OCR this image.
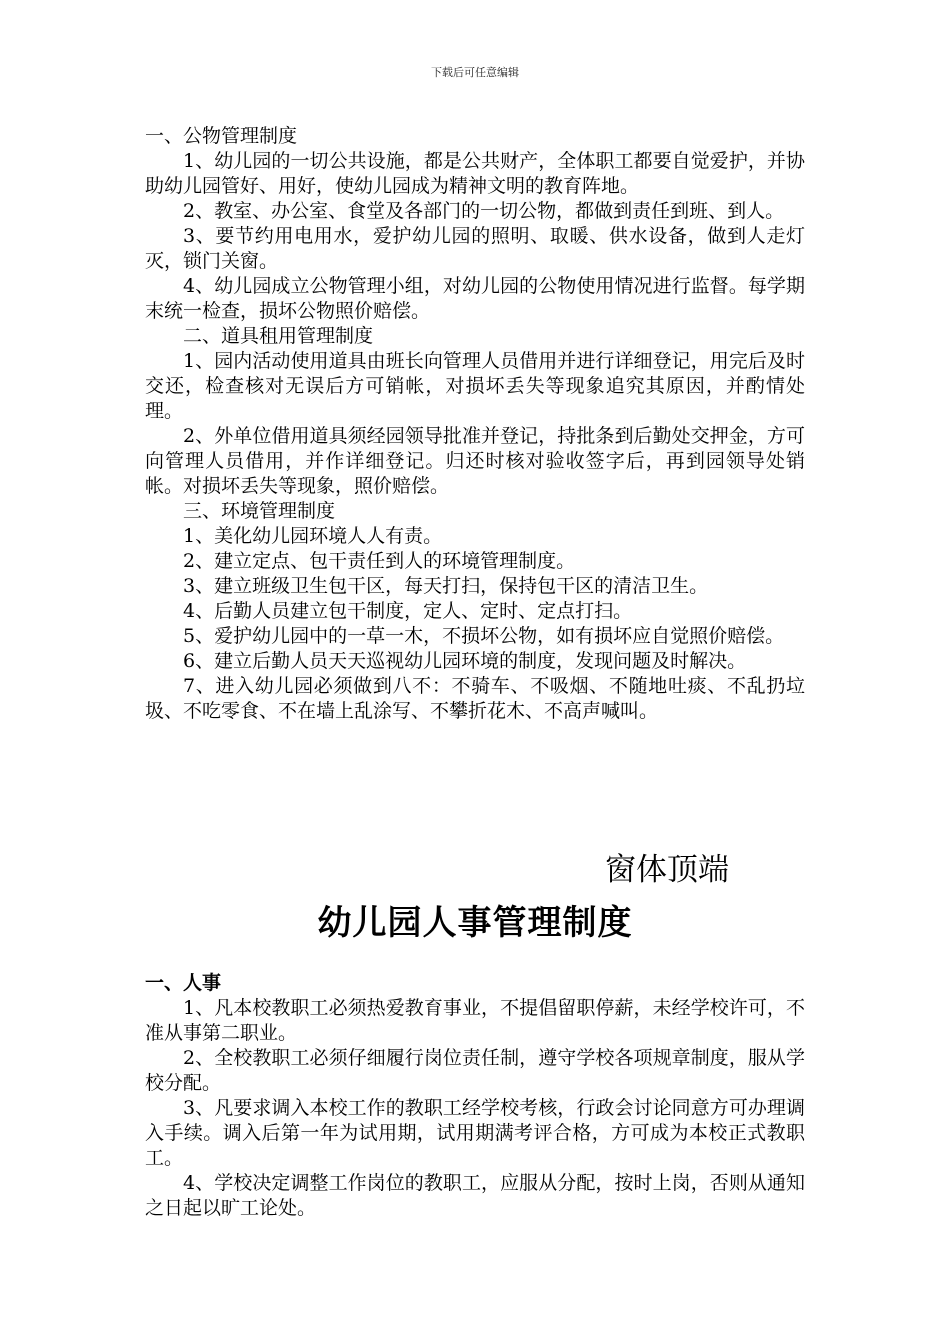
下载后可任意编辑

一、公物管理制度

1、幼儿园的一切公共设施，都是公共财产，全体职工都要自觉爱护，并协助幼儿园管好、用好，使幼儿园成为精神文明的教育阵地。

2、教室、办公室、食堂及各部门的一切公物，都做到责任到班、到人。

3、要节约用电用水，爱护幼儿园的照明、取暖、供水设备，做到人走灯灭，锁门关窗。

4、幼儿园成立公物管理小组，对幼儿园的公物使用情况进行监督。每学期末统一检查，损坏公物照价赔偿。

二、道具租用管理制度

1、园内活动使用道具由班长向管理人员借用并进行详细登记，用完后及时交还，检查核对无误后方可销帐，对损坏丢失等现象追究其原因，并酌情处理。

2、外单位借用道具须经园领导批准并登记，持批条到后勤处交押金，方可向管理人员借用，并作详细登记。归还时核对验收签字后，再到园领导处销帐。对损坏丢失等现象，照价赔偿。

三、环境管理制度

1、美化幼儿园环境人人有责。

2、建立定点、包干责任到人的环境管理制度。

3、建立班级卫生包干区，每天打扫，保持包干区的清洁卫生。

4、后勤人员建立包干制度，定人、定时、定点打扫。

5、爱护幼儿园中的一草一木，不损坏公物，如有损坏应自觉照价赔偿。

6、建立后勤人员天天巡视幼儿园环境的制度，发现问题及时解决。

7、进入幼儿园必须做到八不：不骑车、不吸烟、不随地吐痰、不乱扔垃圾、不吃零食、不在墙上乱涂写、不攀折花木、不高声喊叫。

窗体顶端
幼儿园人事管理制度

一、人事

1、凡本校教职工必须热爱教育事业，不提倡留职停薪，未经学校许可，不准从事第二职业。

2、全校教职工必须仔细履行岗位责任制，遵守学校各项规章制度，服从学校分配。

3、凡要求调入本校工作的教职工经学校考核，行政会讨论同意方可办理调入手续。调入后第一年为试用期，试用期满考评合格，方可成为本校正式教职工。

4、学校决定调整工作岗位的教职工，应服从分配，按时上岗，否则从通知之日起以旷工论处。
